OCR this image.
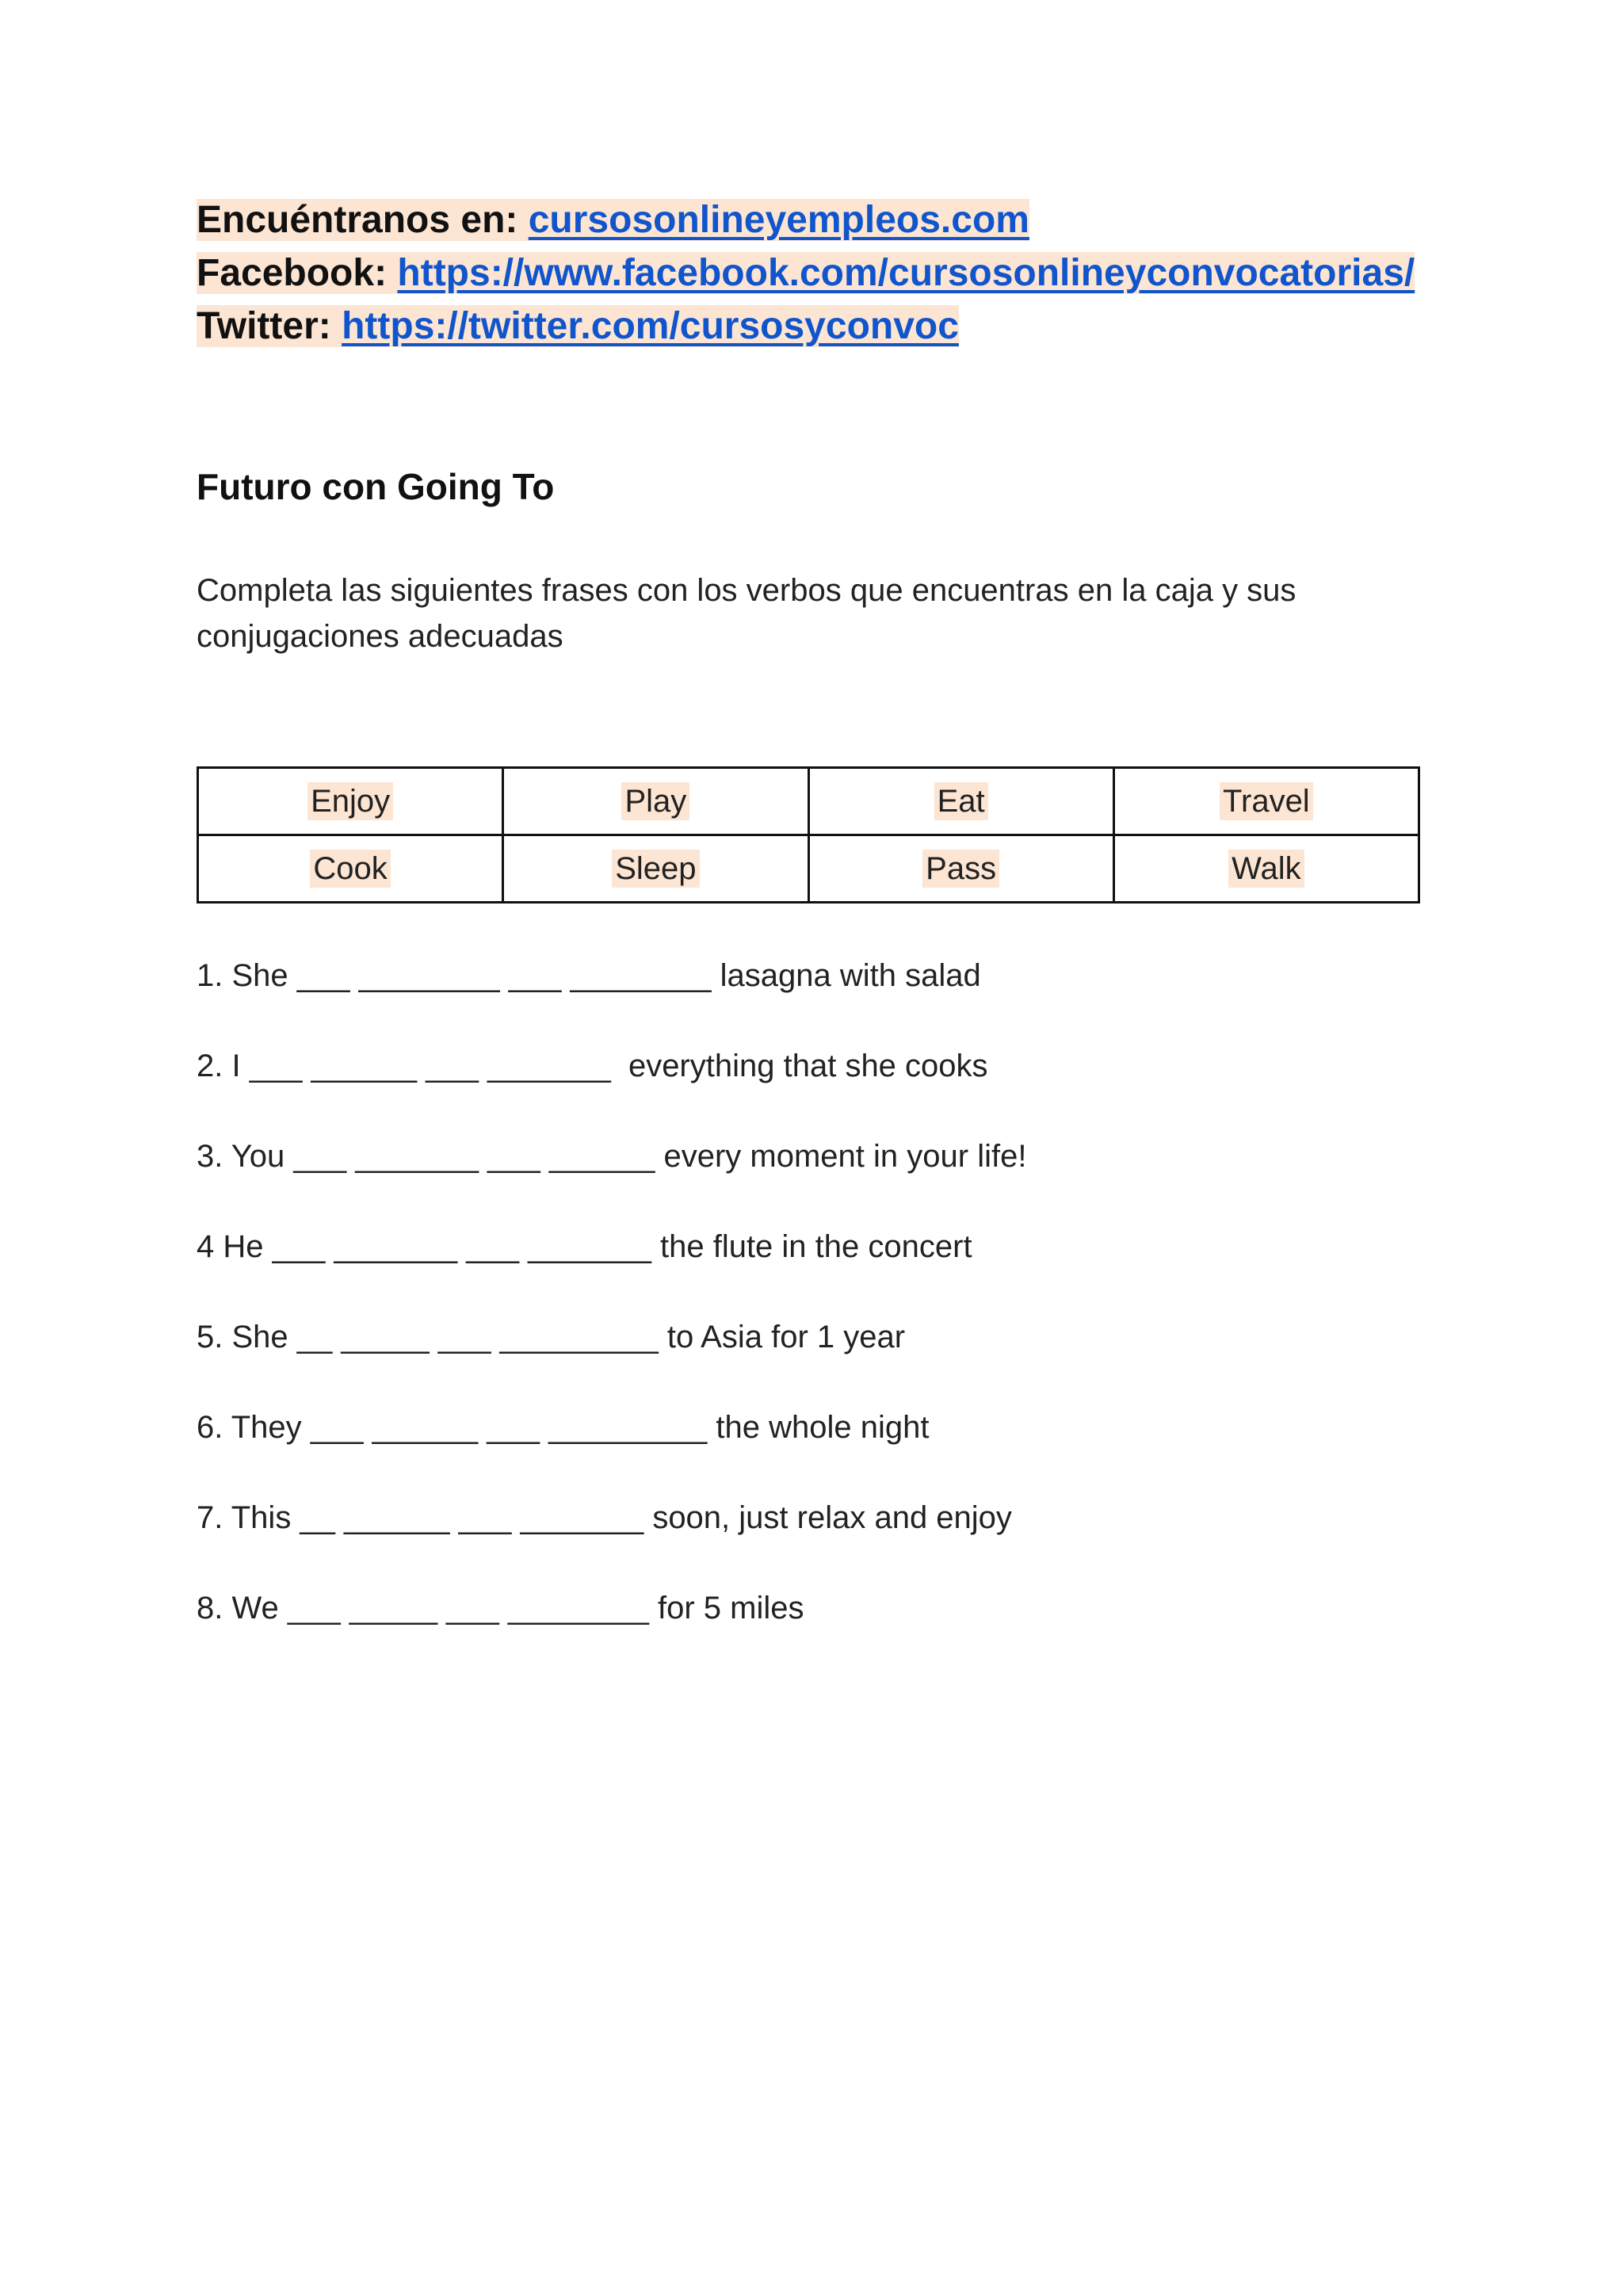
Encuéntranos en: cursosonlineyempleos.com
Facebook: https://www.facebook.com/cursosonlineyconvocatorias/
Twitter: https://twitter.com/cursosyconvoc
Futuro con Going To

Completa las siguientes frases con los verbos que encuentras en la caja y sus conjugaciones adecuadas

Enjoy	Play	Eat	Travel
Cook	Sleep	Pass	Walk
1. She ___ ________ ___ ________ lasagna with salad
2. I ___ ______ ___ _______  everything that she cooks
3. You ___ _______ ___ ______ every moment in your life!
4 He ___ _______ ___ _______ the flute in the concert
5. She __ _____ ___ _________ to Asia for 1 year
6. They ___ ______ ___ _________ the whole night
7. This __ ______ ___ _______ soon, just relax and enjoy
8. We ___ _____ ___ ________ for 5 miles
